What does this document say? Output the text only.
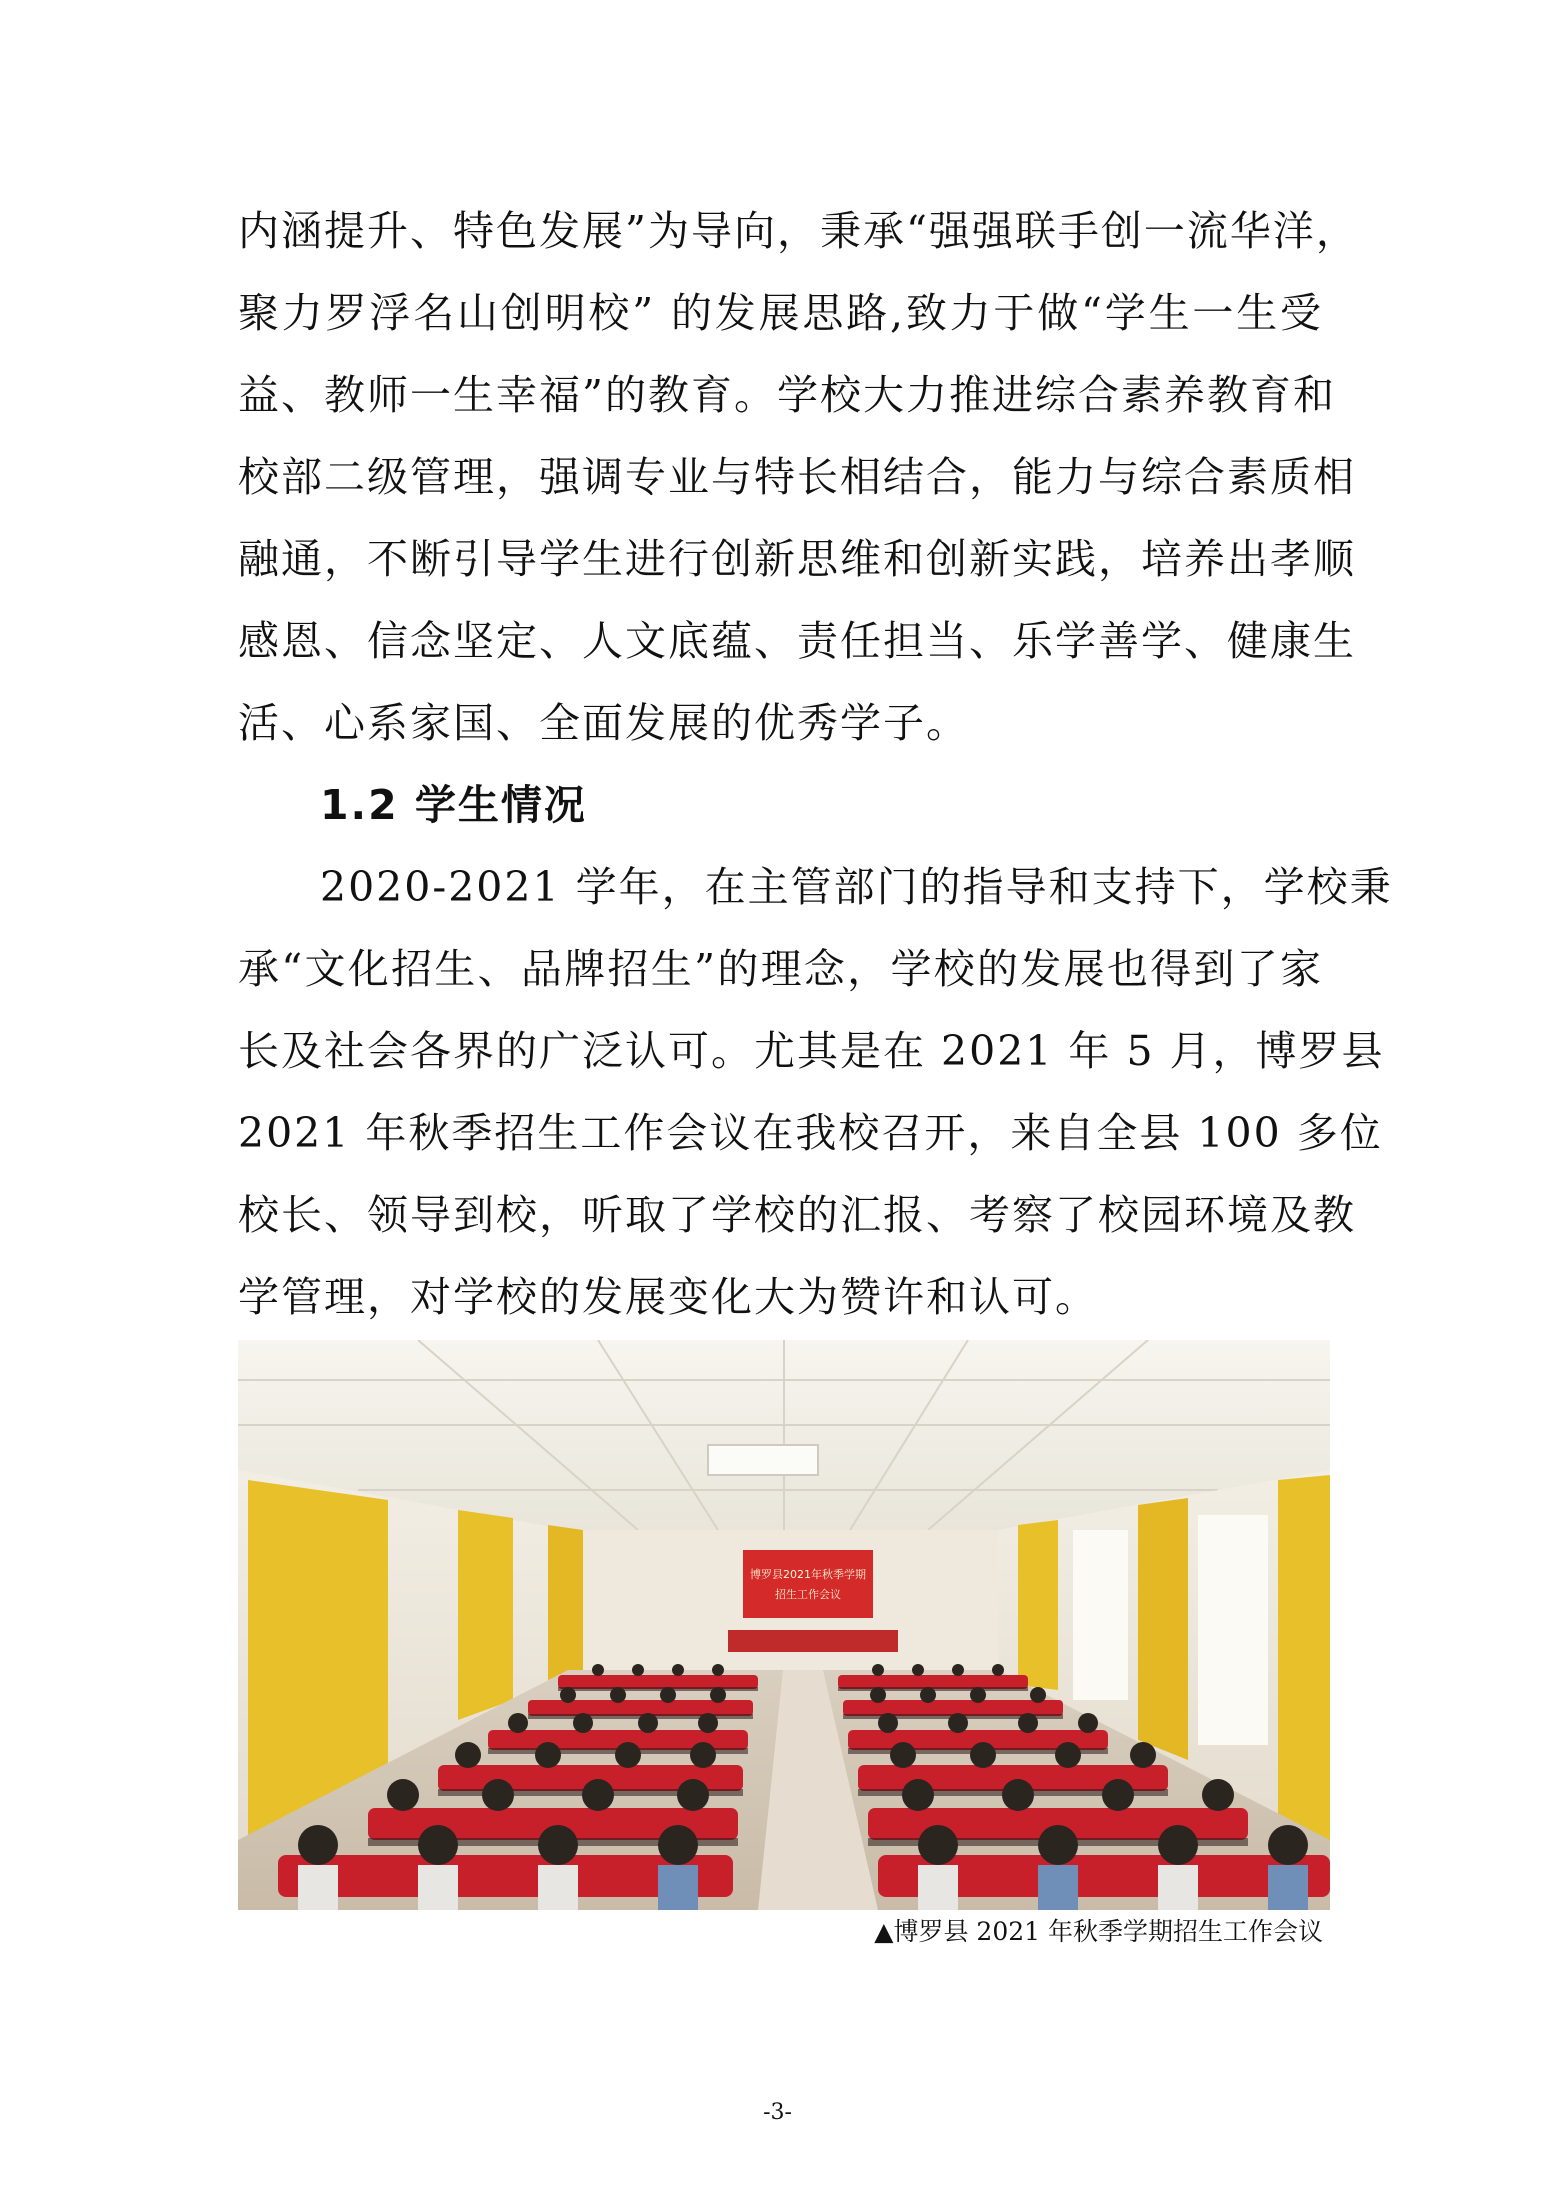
内涵提升、特色发展”为导向，秉承“强强联手创一流华洋，
聚力罗浮名山创明校” 的发展思路,致力于做“学生一生受
益、教师一生幸福”的教育。学校大力推进综合素养教育和
校部二级管理，强调专业与特长相结合，能力与综合素质相
融通，不断引导学生进行创新思维和创新实践，培养出孝顺
感恩、信念坚定、人文底蕴、责任担当、乐学善学、健康生
活、心系家国、全面发展的优秀学子。
1.2 学生情况
2020-2021 学年，在主管部门的指导和支持下，学校秉
承“文化招生、品牌招生”的理念，学校的发展也得到了家
长及社会各界的广泛认可。尤其是在 2021 年 5 月，博罗县
2021 年秋季招生工作会议在我校召开，来自全县 100 多位
校长、领导到校，听取了学校的汇报、考察了校园环境及教
学管理，对学校的发展变化大为赞许和认可。
博罗县2021年秋季学期
招生工作会议
▲博罗县 2021 年秋季学期招生工作会议
-3-
